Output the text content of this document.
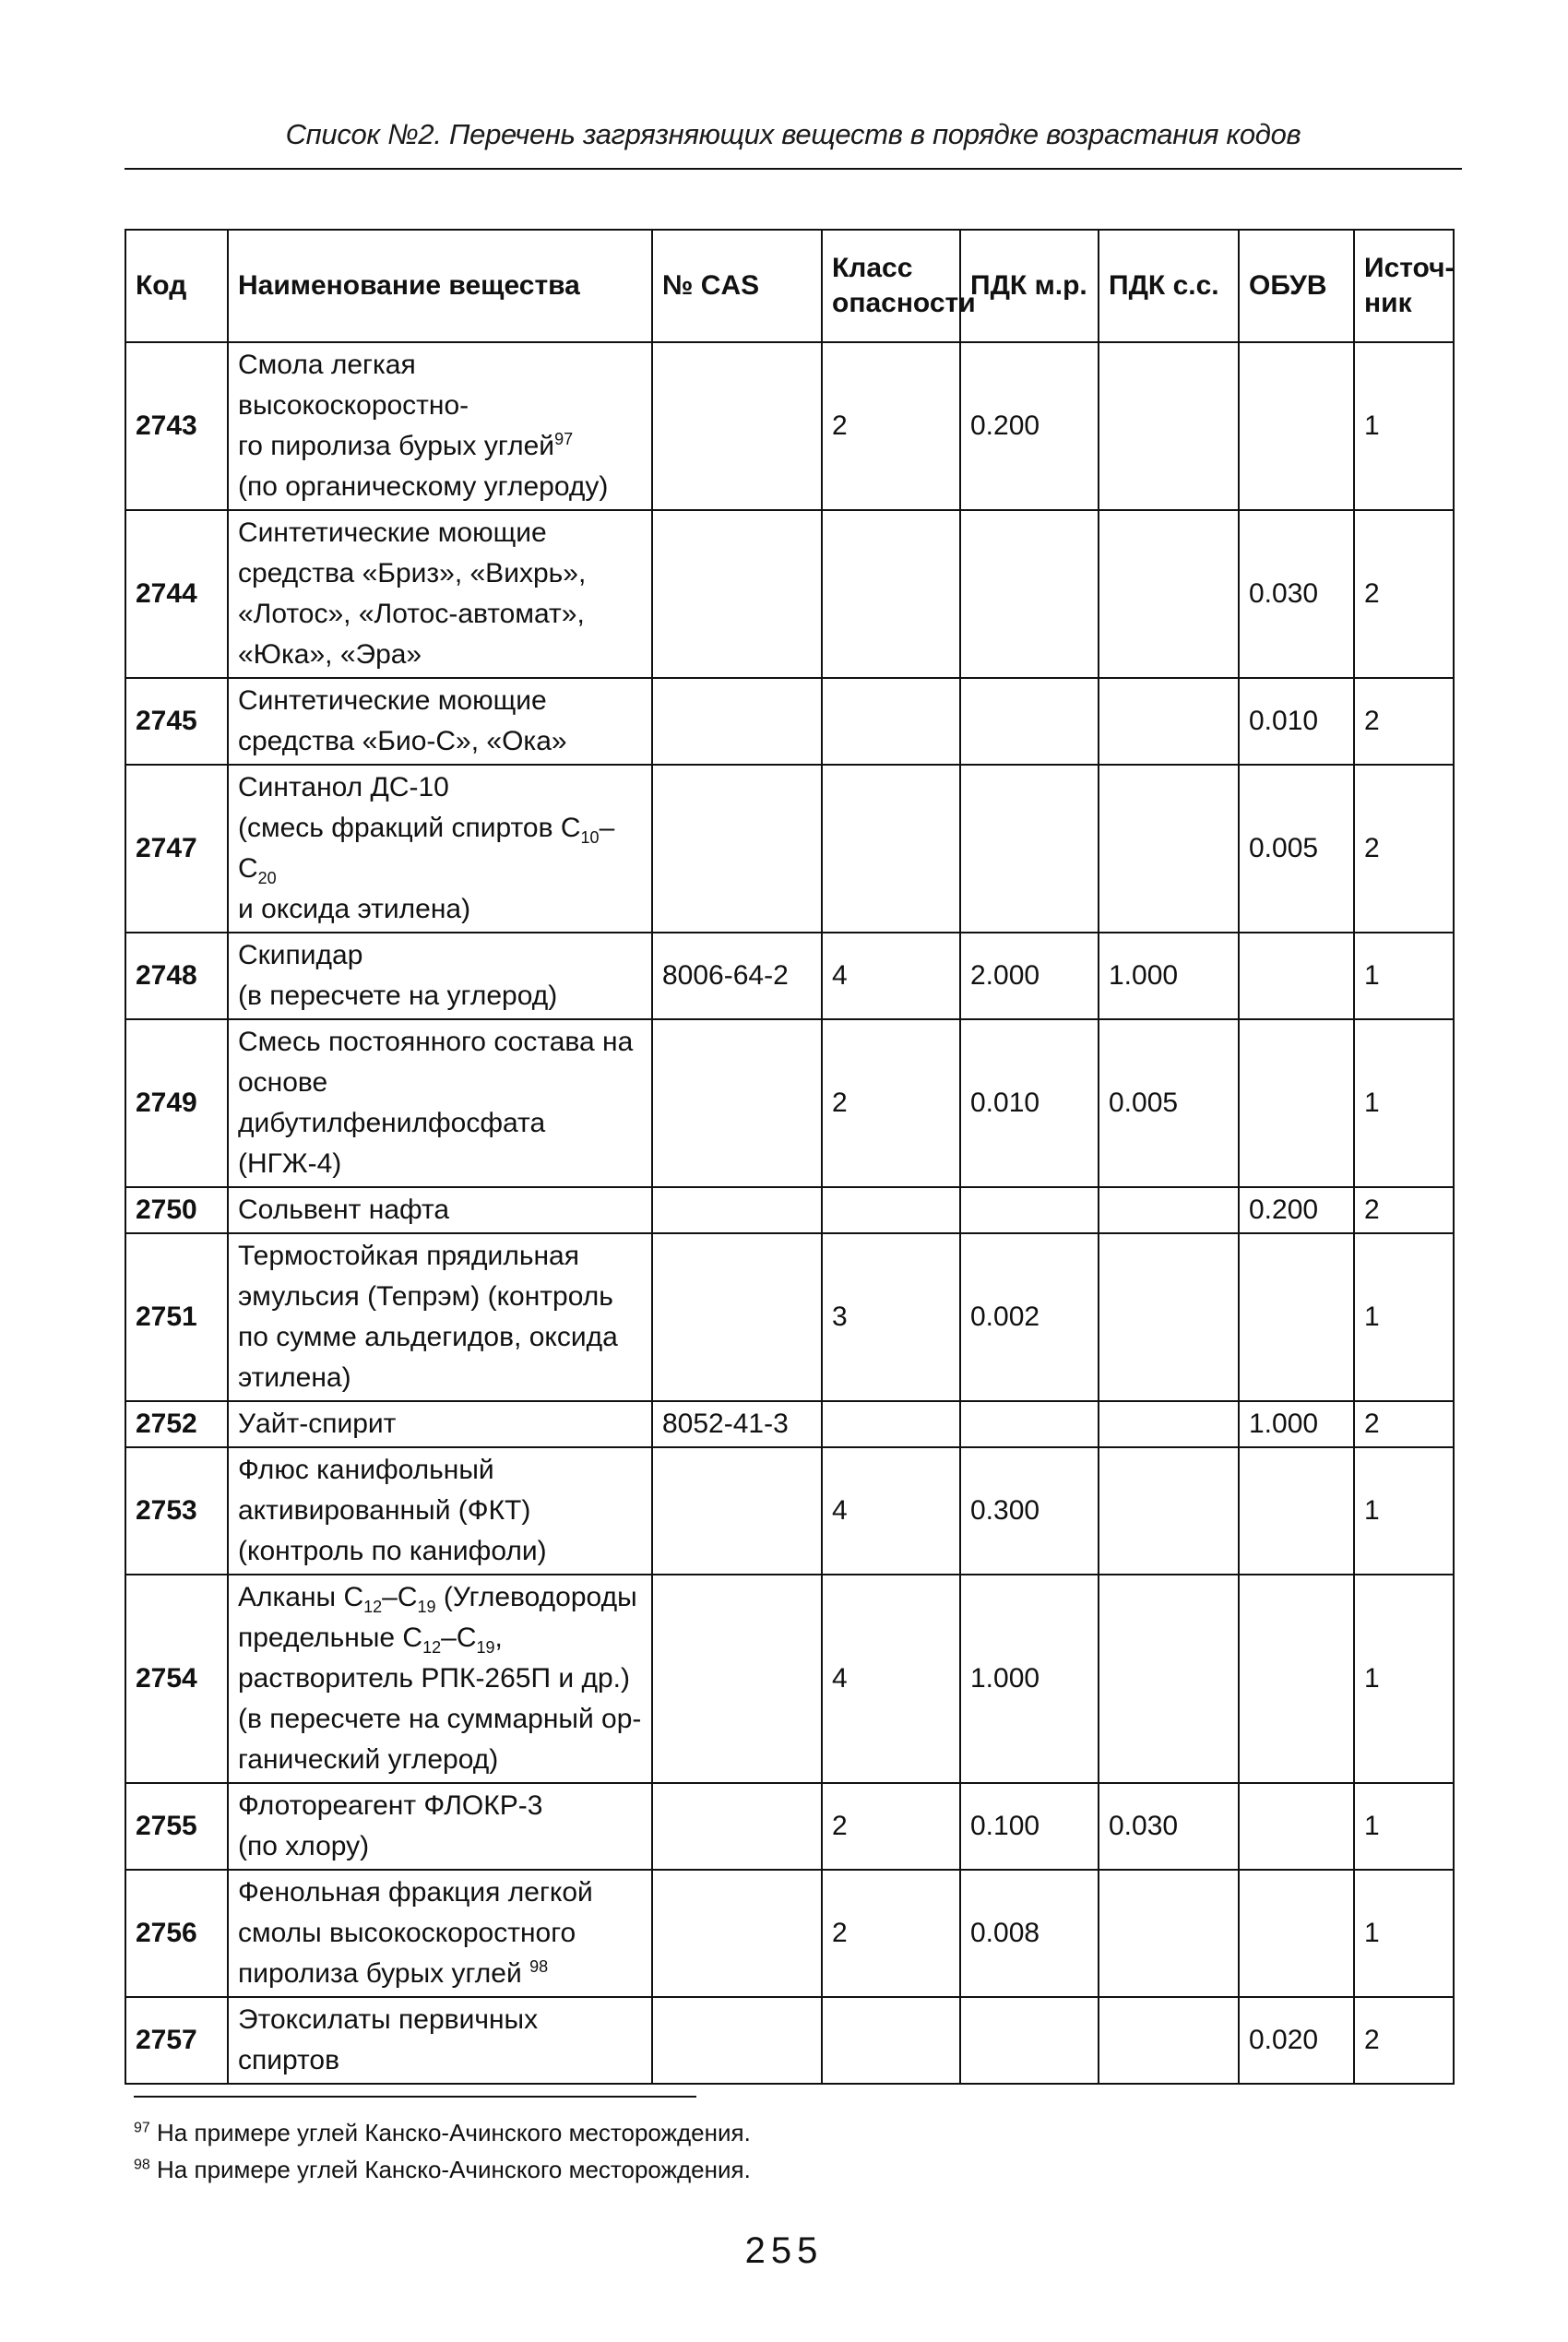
Список №2. Перечень загрязняющих веществ в порядке возрастания кодов
Код	Наименование вещества	№ CAS	Класс опасности	ПДК м.р.	ПДК с.с.	ОБУВ	Источ-ник
2743	Смола легкая высокоскоростно-
го пиролиза бурых углей$^{97}$
(по органическому углероду)		2	0.200			1
2744	Синтетические моющие
средства «Бриз», «Вихрь»,
«Лотос», «Лотос-автомат»,
«Юка», «Эра»					0.030	2
2745	Синтетические моющие
средства «Био-С», «Ока»					0.010	2
2747	Синтанол ДС-10
(смесь фракций спиртов $С_{10}-С_{20}$
и оксида этилена)					0.005	2
2748	Скипидар
(в пересчете на углерод)	8006-64-2	4	2.000	1.000		1
2749	Смесь постоянного состава на
основе дибутилфенилфосфата
(НГЖ-4)		2	0.010	0.005		1
2750	Сольвент нафта					0.200	2
2751	Термостойкая прядильная
эмульсия (Тепрэм) (контроль
по сумме альдегидов, оксида
этилена)		3	0.002			1
2752	Уайт-спирит	8052-41-3				1.000	2
2753	Флюс канифольный
активированный (ФКТ)
(контроль по канифоли)		4	0.300			1
2754	Алканы $С_{12}-С_{19}$ (Углеводороды
предельные $С_{12}-С_{19}$,
растворитель РПК-265П и др.)
(в пересчете на суммарный ор-
ганический углерод)		4	1.000			1
2755	Флотореагент ФЛОКР-3
(по хлору)		2	0.100	0.030		1
2756	Фенольная фракция легкой
смолы высокоскоростного
пиролиза бурых углей $^{98}$		2	0.008			1
2757	Этоксилаты первичных спиртов					0.020	2
$^{97}$ На примере углей Канско-Ачинского месторождения.
$^{98}$ На примере углей Канско-Ачинского месторождения.
255
